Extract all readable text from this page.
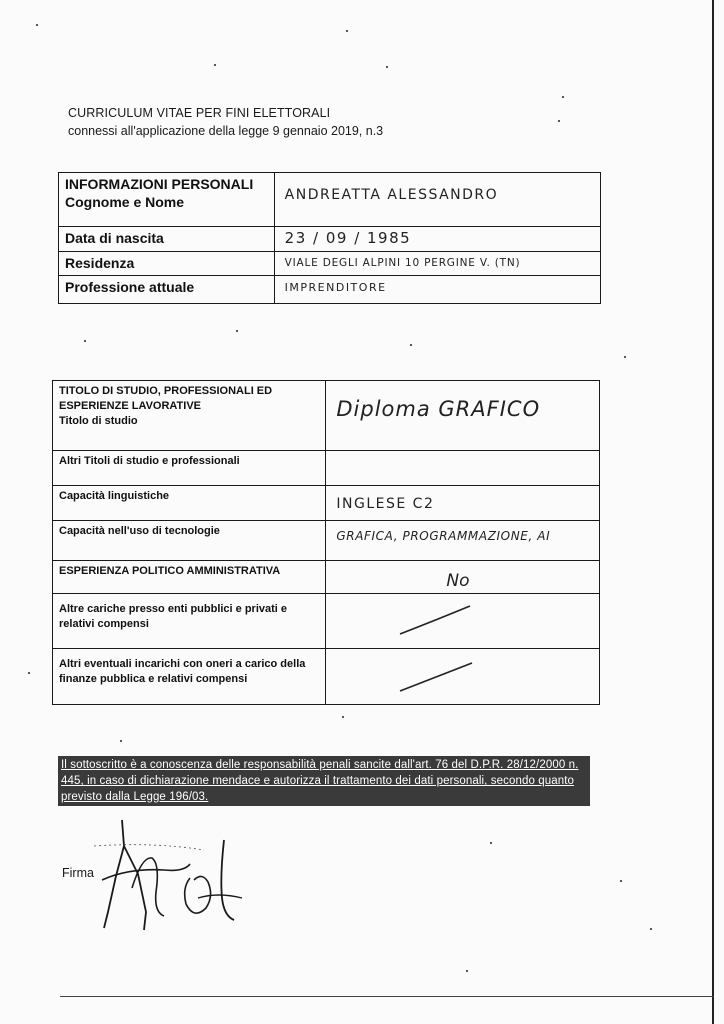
CURRICULUM VITAE PER FINI ELETTORALI
connessi all'applicazione della legge 9 gennaio 2019, n.3
INFORMAZIONI PERSONALI
Cognome e Nome	ANDREATTA ALESSANDRO

Data di nascita	23 / 09 / 1985
Residenza	VIALE DEGLI ALPINI 10 PERGINE V. (TN)
Professione attuale	IMPRENDITORE
TITOLO DI STUDIO, PROFESSIONALI ED
ESPERIENZE LAVORATIVE
Titolo di studio	Diploma GRAFICO

Altri Titoli di studio e professionali	
Capacità linguistiche	INGLESE C2

Capacità nell'uso di tecnologie	GRAFICA, PROGRAMMAZIONE, AI

ESPERIENZA POLITICO AMMINISTRATIVA	No

Altre cariche presso enti pubblici e privati e relativi compensi	

Altri eventuali incarichi con oneri a carico della finanze pubblica e relativi compensi	
Il sottoscritto è a conoscenza delle responsabilità penali sancite dall'art. 76 del D.P.R. 28/12/2000 n. 445, in caso di dichiarazione mendace e autorizza il trattamento dei dati personali, secondo quanto previsto dalla Legge 196/03.
Firma
